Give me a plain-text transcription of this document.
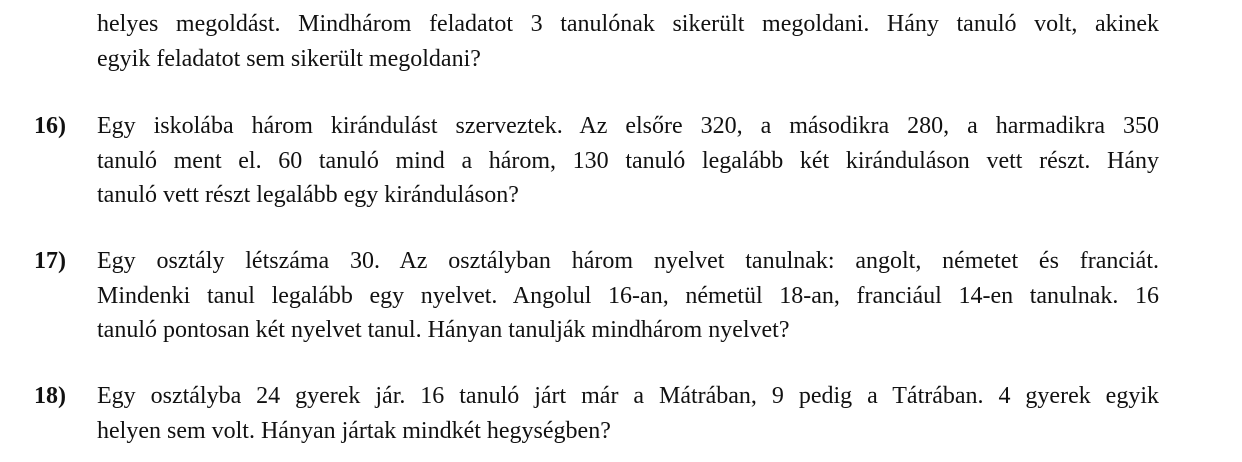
helyes megoldást. Mindhárom feladatot 3 tanulónak sikerült megoldani. Hány tanuló volt, akinek
egyik feladatot sem sikerült megoldani?
16) Egy iskolába három kirándulást szerveztek. Az elsőre 320, a másodikra 280, a harmadikra 350
tanuló ment el. 60 tanuló mind a három, 130 tanuló legalább két kiránduláson vett részt. Hány
tanuló vett részt legalább egy kiránduláson?
17) Egy osztály létszáma 30. Az osztályban három nyelvet tanulnak: angolt, németet és franciát.
Mindenki tanul legalább egy nyelvet. Angolul 16-an, németül 18-an, franciául 14-en tanulnak. 16
tanuló pontosan két nyelvet tanul. Hányan tanulják mindhárom nyelvet?
18) Egy osztályba 24 gyerek jár. 16 tanuló járt már a Mátrában, 9 pedig a Tátrában. 4 gyerek egyik
helyen sem volt. Hányan jártak mindkét hegységben?
